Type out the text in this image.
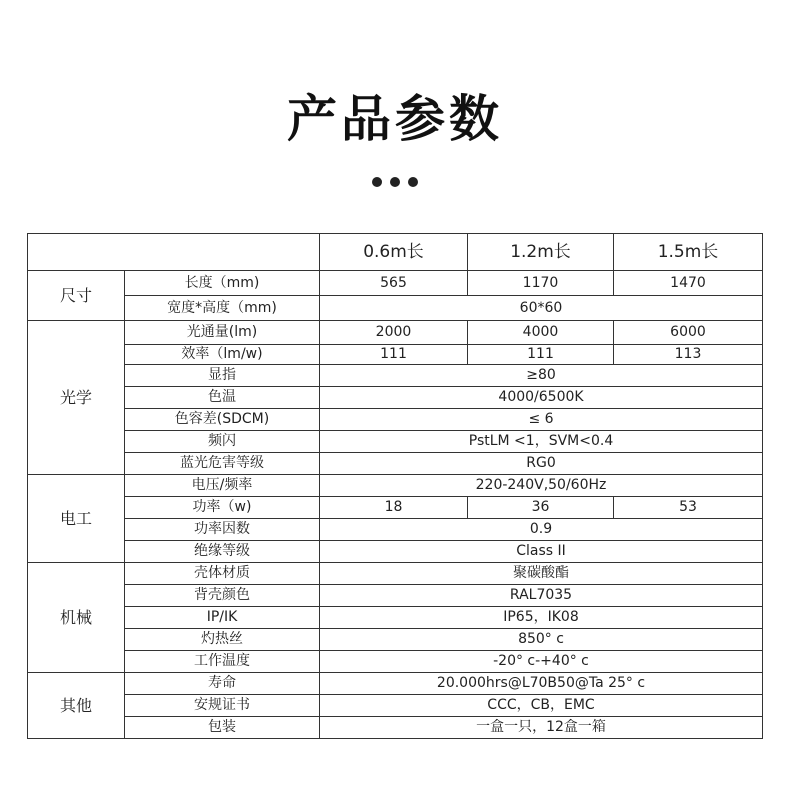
产品参数
		0.6m长	1.2m长	1.5m长
尺寸	长度（mm)	565	1170	1470
	宽度*高度（mm)	60*60		
光学	光通量(lm)	2000	4000	6000
	效率（lm/w)	111	111	113
	显指	≥80		
	色温	4000/6500K		
	色容差(SDCM)	≤ 6		
	频闪	PstLM <1，SVM<0.4		
	蓝光危害等级	RG0		
电工	电压/频率	220-240V,50/60Hz		
	功率（w)	18	36	53
	功率因数	0.9		
	绝缘等级	Class II		
机械	壳体材质	聚碳酸酯		
	背壳颜色	RAL7035		
	IP/IK	IP65，IK08		
	灼热丝	850° c		
	工作温度	-20° c-+40° c		
其他	寿命	20.000hrs@L70B50@Ta 25° c		
	安规证书	CCC，CB，EMC		
	包装	一盒一只，12盒一箱		
